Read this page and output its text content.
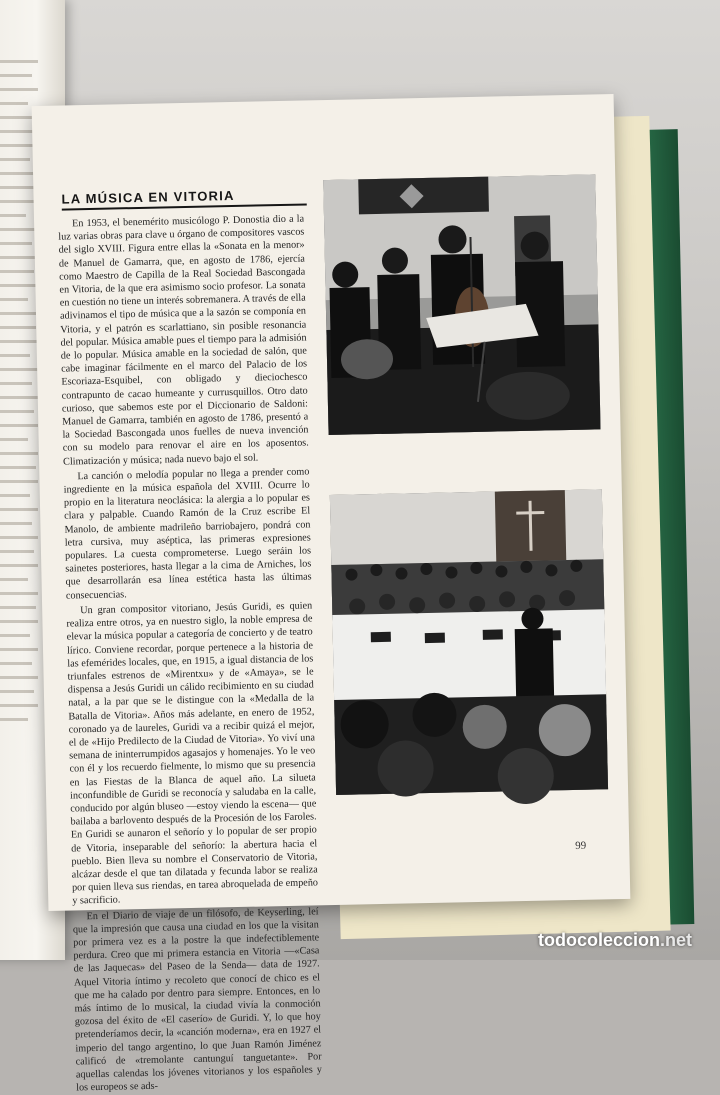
LA MÚSICA EN VITORIA

En 1953, el benemérito musicólogo P. Donostia dio a la luz varias obras para clave u órgano de compositores vascos del siglo XVIII. Figura entre ellas la «Sonata en la menor» de Manuel de Gamarra, que, en agosto de 1786, ejercía como Maestro de Capilla de la Real Sociedad Bascongada en Vitoria, de la que era asimismo socio profesor. La sonata en cuestión no tiene un interés sobremanera. A través de ella adivinamos el tipo de música que a la sazón se componía en Vitoria, y el patrón es scarlattiano, sin posible resonancia del popular. Música amable pues el tiempo para la admisión de lo popular. Música amable en la sociedad de salón, que cabe imaginar fácilmente en el marco del Palacio de los Escoriaza-Esquibel, con obligado y dieciochesco contrapunto de cacao humeante y currusquillos. Otro dato curioso, que sabemos este por el Diccionario de Saldoni: Manuel de Gamarra, también en agosto de 1786, presentó a la Sociedad Bascongada unos fuelles de nueva invención con su modelo para renovar el aire en los aposentos. Climatización y música; nada nuevo bajo el sol.

La canción o melodía popular no llega a prender como ingrediente en la música española del XVIII. Ocurre lo propio en la literatura neoclásica: la alergia a lo popular es clara y palpable. Cuando Ramón de la Cruz escribe El Manolo, de ambiente madrileño barriobajero, pondrá con letra cursiva, muy aséptica, las primeras expresiones populares. La cuesta comprometerse. Luego seráin los sainetes posteriores, hasta llegar a la cima de Arniches, los que desarrollarán esa línea estética hasta las últimas consecuencias.

Un gran compositor vitoriano, Jesús Guridi, es quien realiza entre otros, ya en nuestro siglo, la noble empresa de elevar la música popular a categoría de concierto y de teatro lírico. Conviene recordar, porque pertenece a la historia de las efemérides locales, que, en 1915, a igual distancia de los triunfales estrenos de «Mirentxu» y de «Amaya», se le dispensa a Jesús Guridi un cálido recibimiento en su ciudad natal, a la par que se le distingue con la «Medalla de la Batalla de Vitoria». Años más adelante, en enero de 1952, coronado ya de laureles, Guridi va a recibir quizá el mejor, el de «Hijo Predilecto de la Ciudad de Vitoria». Yo viví una semana de ininterrumpidos agasajos y homenajes. Yo le veo con él y los recuerdo fielmente, lo mismo que su presencia en las Fiestas de la Blanca de aquel año. La silueta inconfundible de Guridi se reconocía y saludaba en la calle, conducido por algún bluseo —estoy viendo la escena— que bailaba a barlovento después de la Procesión de los Faroles. En Guridi se aunaron el señorío y lo popular de ser propio de Vitoria, inseparable del señorío: la abertura hacia el pueblo. Bien lleva su nombre el Conservatorio de Vitoria, alcázar desde el que tan dilatada y fecunda labor se realiza por quien lleva sus riendas, en tarea abroquelada de empeño y sacrificio.

En el Diario de viaje de un filósofo, de Keyserling, leí que la impresión que causa una ciudad en los que la visitan por primera vez es a la postre la que indefectiblemente perdura. Creo que mi primera estancia en Vitoria —«Casa de las Jaquecas» del Paseo de la Senda— data de 1927. Aquel Vitoria íntimo y recoleto que conocí de chico es el que me ha calado por dentro para siempre. Entonces, en lo más íntimo de lo musical, la ciudad vivía la conmoción gozosa del éxito de «El caserío» de Guridi. Y, lo que hoy pretenderíamos decir, la «canción moderna», era en 1927 el imperio del tango argentino, lo que Juan Ramón Jiménez calificó de «tremolante cantunguí tanguetante». Por aquellas calendas los jóvenes vitorianos y los españoles y los europeos se ads-

99
todocoleccion.net
